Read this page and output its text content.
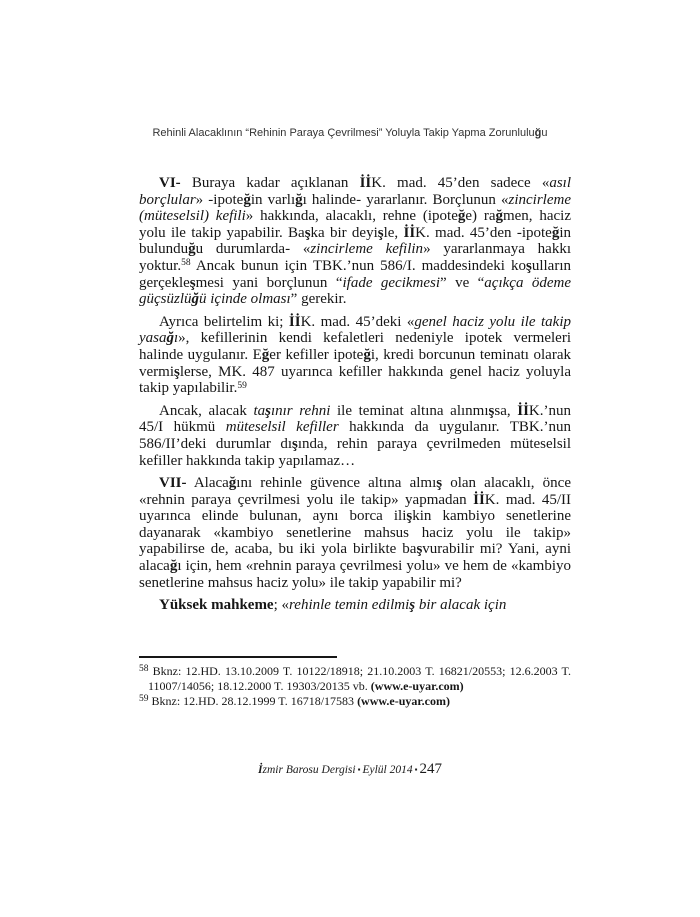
Rehinli Alacaklının “Rehinin Paraya Çevrilmesi” Yoluyla Takip Yapma Zorunluluğu

VI- Buraya kadar açıklanan İİK. mad. 45’den sadece «asıl borçlular» -ipoteğin varlığı halinde- yararlanır. Borçlunun «zincirleme (müteselsil) kefili» hakkında, alacaklı, rehne (ipoteğe) rağmen, haciz yolu ile takip yapabilir. Başka bir deyişle, İİK. mad. 45’den -ipoteğin bulunduğu durumlarda- «zincirleme kefilin» yararlanmaya hakkı yoktur.$^{58}$ Ancak bunun için TBK.’nun 586/I. maddesindeki koşulların gerçekleşmesi yani borçlunun “ifade gecikmesi” ve “açıkça ödeme güçsüzlüğü içinde olması” gerekir.

Ayrıca belirtelim ki; İİK. mad. 45’deki «genel haciz yolu ile takip yasağı», kefillerinin kendi kefaletleri nedeniyle ipotek vermeleri halinde uygulanır. Eğer kefiller ipoteği, kredi borcunun teminatı olarak vermişlerse, MK. 487 uyarınca kefiller hakkında genel haciz yoluyla takip yapılabilir.$^{59}$

Ancak, alacak taşınır rehni ile teminat altına alınmışsa, İİK.’nun 45/I hükmü müteselsil kefiller hakkında da uygulanır. TBK.’nun 586/II’deki durumlar dışında, rehin paraya çevrilmeden müteselsil kefiller hakkında takip yapılamaz…

VII- Alacağını rehinle güvence altına almış olan alacaklı, önce «rehnin paraya çevrilmesi yolu ile takip» yapmadan İİK. mad. 45/II uyarınca elinde bulunan, aynı borca ilişkin kambiyo senetlerine dayanarak «kambiyo senetlerine mahsus haciz yolu ile takip» yapabilirse de, acaba, bu iki yola birlikte başvurabilir mi? Yani, ayni alacağı için, hem «rehnin paraya çevrilmesi yolu» ve hem de «kambiyo senetlerine mahsus haciz yolu» ile takip yapabilir mi?

Yüksek mahkeme; «rehinle temin edilmiş bir alacak için

$^{58}$ Bknz: 12.HD. 13.10.2009 T. 10122/18918; 21.10.2003 T. 16821/20553; 12.6.2003 T. 11007/14056; 18.12.2000 T. 19303/20135 vb. (www.e-uyar.com)

$^{59}$ Bknz: 12.HD. 28.12.1999 T. 16718/17583 (www.e-uyar.com)

İzmir Barosu Dergisi ▪ Eylül 2014 ▪ 247
